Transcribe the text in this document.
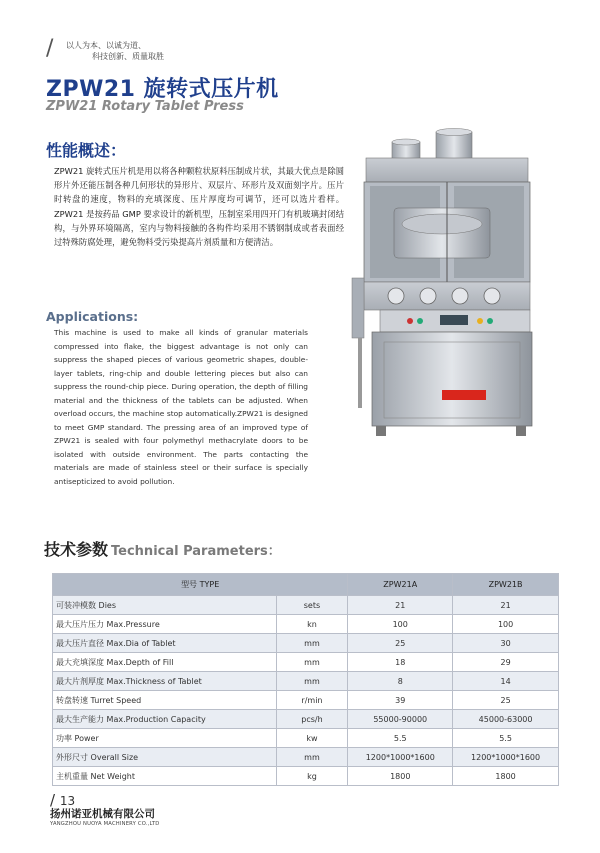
/ 以人为本、以诚为道、
科技创新、质量取胜
ZPW21 旋转式压片机
ZPW21 Rotary Tablet Press
性能概述：
ZPW21 旋转式压片机是用以将各种颗粒状原料压制成片状，其最大优点是除圆形片外还能压制各种几何形状的异形片、双层片、环形片及双面刻字片。压片时转盘的速度，物料的充填深度、压片厚度均可调节，还可以选片看样。ZPW21 是按药品 GMP 要求设计的新机型，压制室采用四开门有机玻璃封闭结构，与外界环境隔离，室内与物料接触的各构件均采用不锈钢制成或者表面经过特殊防腐处理，避免物料受污染提高片剂质量和方便清洁。
Applications:
This machine is used to make all kinds of granular materials compressed into flake, the biggest advantage is not only can suppress the shaped pieces of various geometric shapes, double-layer tablets, ring-chip and double lettering pieces but also can suppress the round-chip piece. During operation, the depth of filling material and the thickness of the tablets can be adjusted. When overload occurs, the machine stop automatically.ZPW21 is designed to meet GMP standard. The pressing area of an improved type of ZPW21 is sealed with four polymethyl methacrylate doors to be isolated with outside environment. The parts contacting the materials are made of stainless steel or their surface is specially antisepticized to avoid pollution.
技术参数 Technical Parameters：
型号 TYPE		ZPW21A	ZPW21B
可装冲模数 Dies	sets	21	21
最大压片压力 Max.Pressure	kn	100	100
最大压片直径 Max.Dia of Tablet	mm	25	30
最大充填深度 Max.Depth of Fill	mm	18	29
最大片剂厚度 Max.Thickness of Tablet	mm	8	14
转盘转速 Turret Speed	r/min	39	25
最大生产能力 Max.Production Capacity	pcs/h	55000-90000	45000-63000
功率 Power	kw	5.5	5.5
外形尺寸 Overall Size	mm	1200*1000*1600	1200*1000*1600
主机重量 Net Weight	kg	1800	1800
/ 13
扬州诺亚机械有限公司
YANGZHOU NUOYA MACHINERY CO.,LTD
